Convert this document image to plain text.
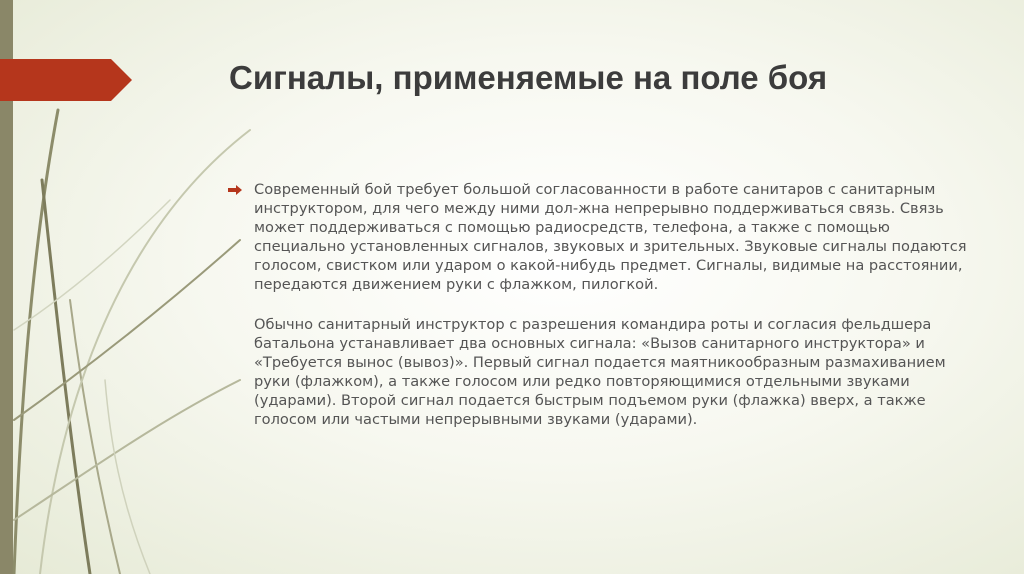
Сигналы, применяемые на поле боя

Современный бой требует большой согласованности в работе санитаров с санитарным инструктором, для чего между ними дол-жна непрерывно поддерживаться связь. Связь может поддерживаться с помощью радиосредств, телефона, а также с помощью специально установленных сигналов, звуковых и зрительных. Звуковые сигналы подаются голосом, свистком или ударом о какой-нибудь предмет. Сигналы, видимые на расстоянии, передаются движением руки с флажком, пилогкой.

Обычно санитарный инструктор с разрешения командира роты и согласия фельдшера батальона устанавливает два основных сигнала: «Вызов санитарного инструктора» и «Требуется вынос (вывоз)». Первый сигнал подается маятникообразным размахиванием руки (флажком), а также голосом или редко повторяющимися отдельными звуками (ударами). Второй сигнал подается быстрым подъемом руки (флажка) вверх, а также голосом или частыми непрерывными звуками (ударами).
